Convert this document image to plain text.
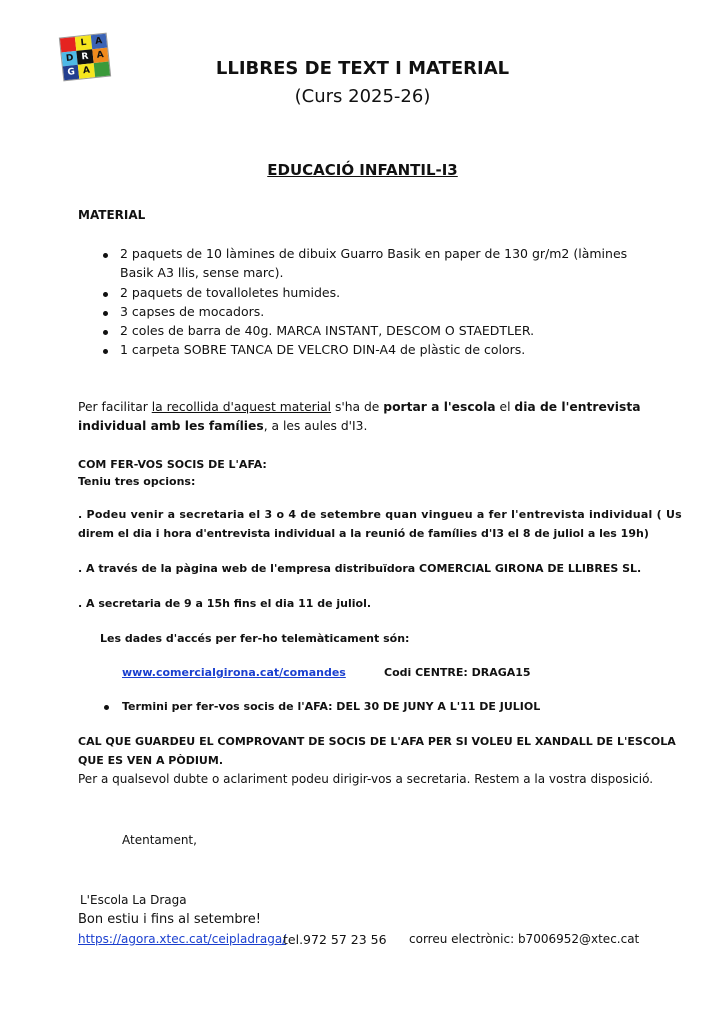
L A
D R A
G A	LLIBRES DE TEXT I MATERIAL
(Curs 2025-26)
EDUCACIÓ INFANTIL-I3
MATERIAL
2 paquets de 10 làmines de dibuix Guarro Basik en paper de 130 gr/m2 (làmines
Basik A3 llis, sense marc).
2 paquets de tovalloletes humides.
3 capses de mocadors.
2 coles de barra de 40g. MARCA INSTANT, DESCOM O STAEDTLER.
1 carpeta SOBRE TANCA DE VELCRO DIN-A4 de plàstic de colors.
Per facilitar la recollida d'aquest material s'ha de portar a l'escola el dia de l'entrevista
individual amb les famílies, a les aules d'I3.
COM FER-VOS SOCIS DE L'AFA:
Teniu tres opcions:
. Podeu venir a secretaria el 3 o 4 de setembre quan vingueu a fer l'entrevista individual ( Us
direm el dia i hora d'entrevista individual a la reunió de famílies d'I3 el 8 de juliol a les 19h)
. A través de la pàgina web de l'empresa distribuïdora COMERCIAL GIRONA DE LLIBRES SL.
. A secretaria de 9 a 15h fins el dia 11 de juliol.
Les dades d'accés per fer-ho telemàticament són:
www.comercialgirona.cat/comandes	Codi CENTRE: DRAGA15
Termini per fer-vos socis de l'AFA: DEL 30 DE JUNY A L'11 DE JULIOL
CAL QUE GUARDEU EL COMPROVANT DE SOCIS DE L'AFA PER SI VOLEU EL XANDALL DE L'ESCOLA
QUE ES VEN A PÒDIUM.
Per a qualsevol dubte o aclariment podeu dirigir-vos a secretaria. Restem a la vostra disposició.
Atentament,
L'Escola La Draga
Bon estiu i fins al setembre!
https://agora.xtec.cat/ceipladraga/
tel.972 57 23 56 correu electrònic: b7006952@xtec.cat
